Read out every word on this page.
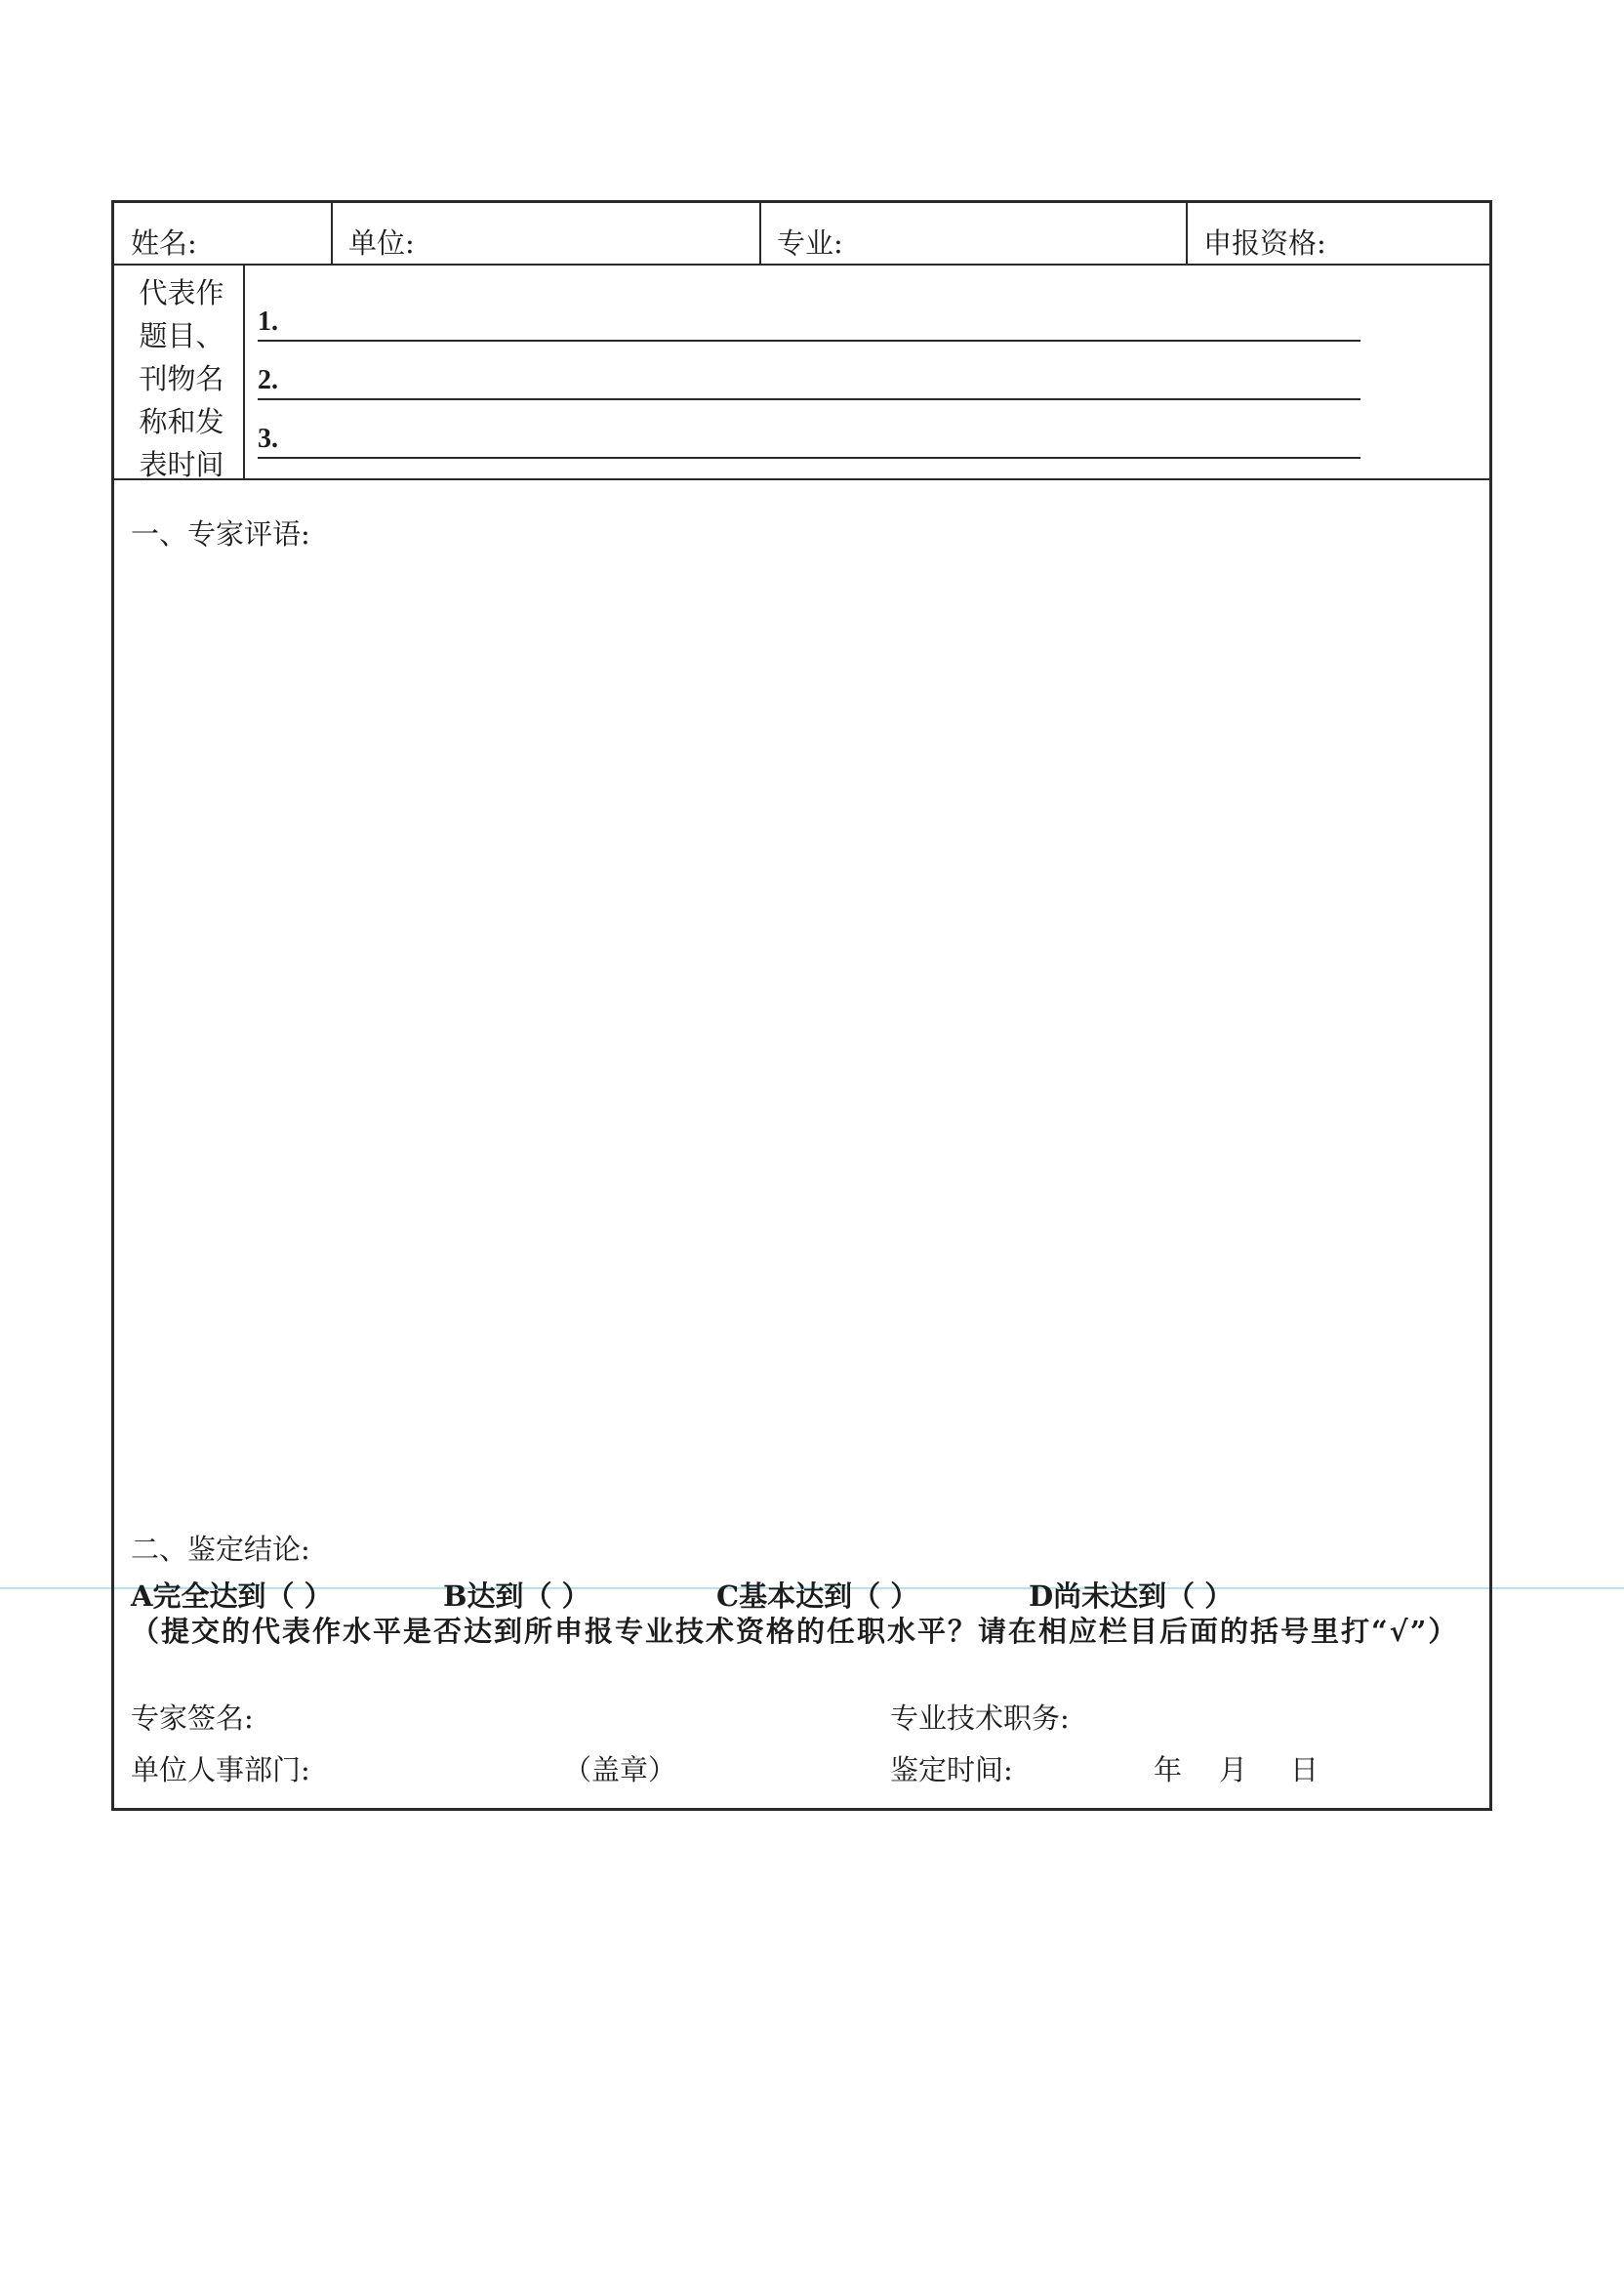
姓名:	单位:	专业:	申报资格:
代表作
题目、
刊物名
称和发
表时间
1.
2.
3.
一、专家评语:
二、鉴定结论:
A完全达到（ ）	B达到（ ）	C基本达到（ ）	D尚未达到（ ）
（提交的代表作水平是否达到所申报专业技术资格的任职水平？请在相应栏目后面的括号里打“√”）
专家签名:	专业技术职务:
单位人事部门:	（盖章）	鉴定时间:	年 月 日
